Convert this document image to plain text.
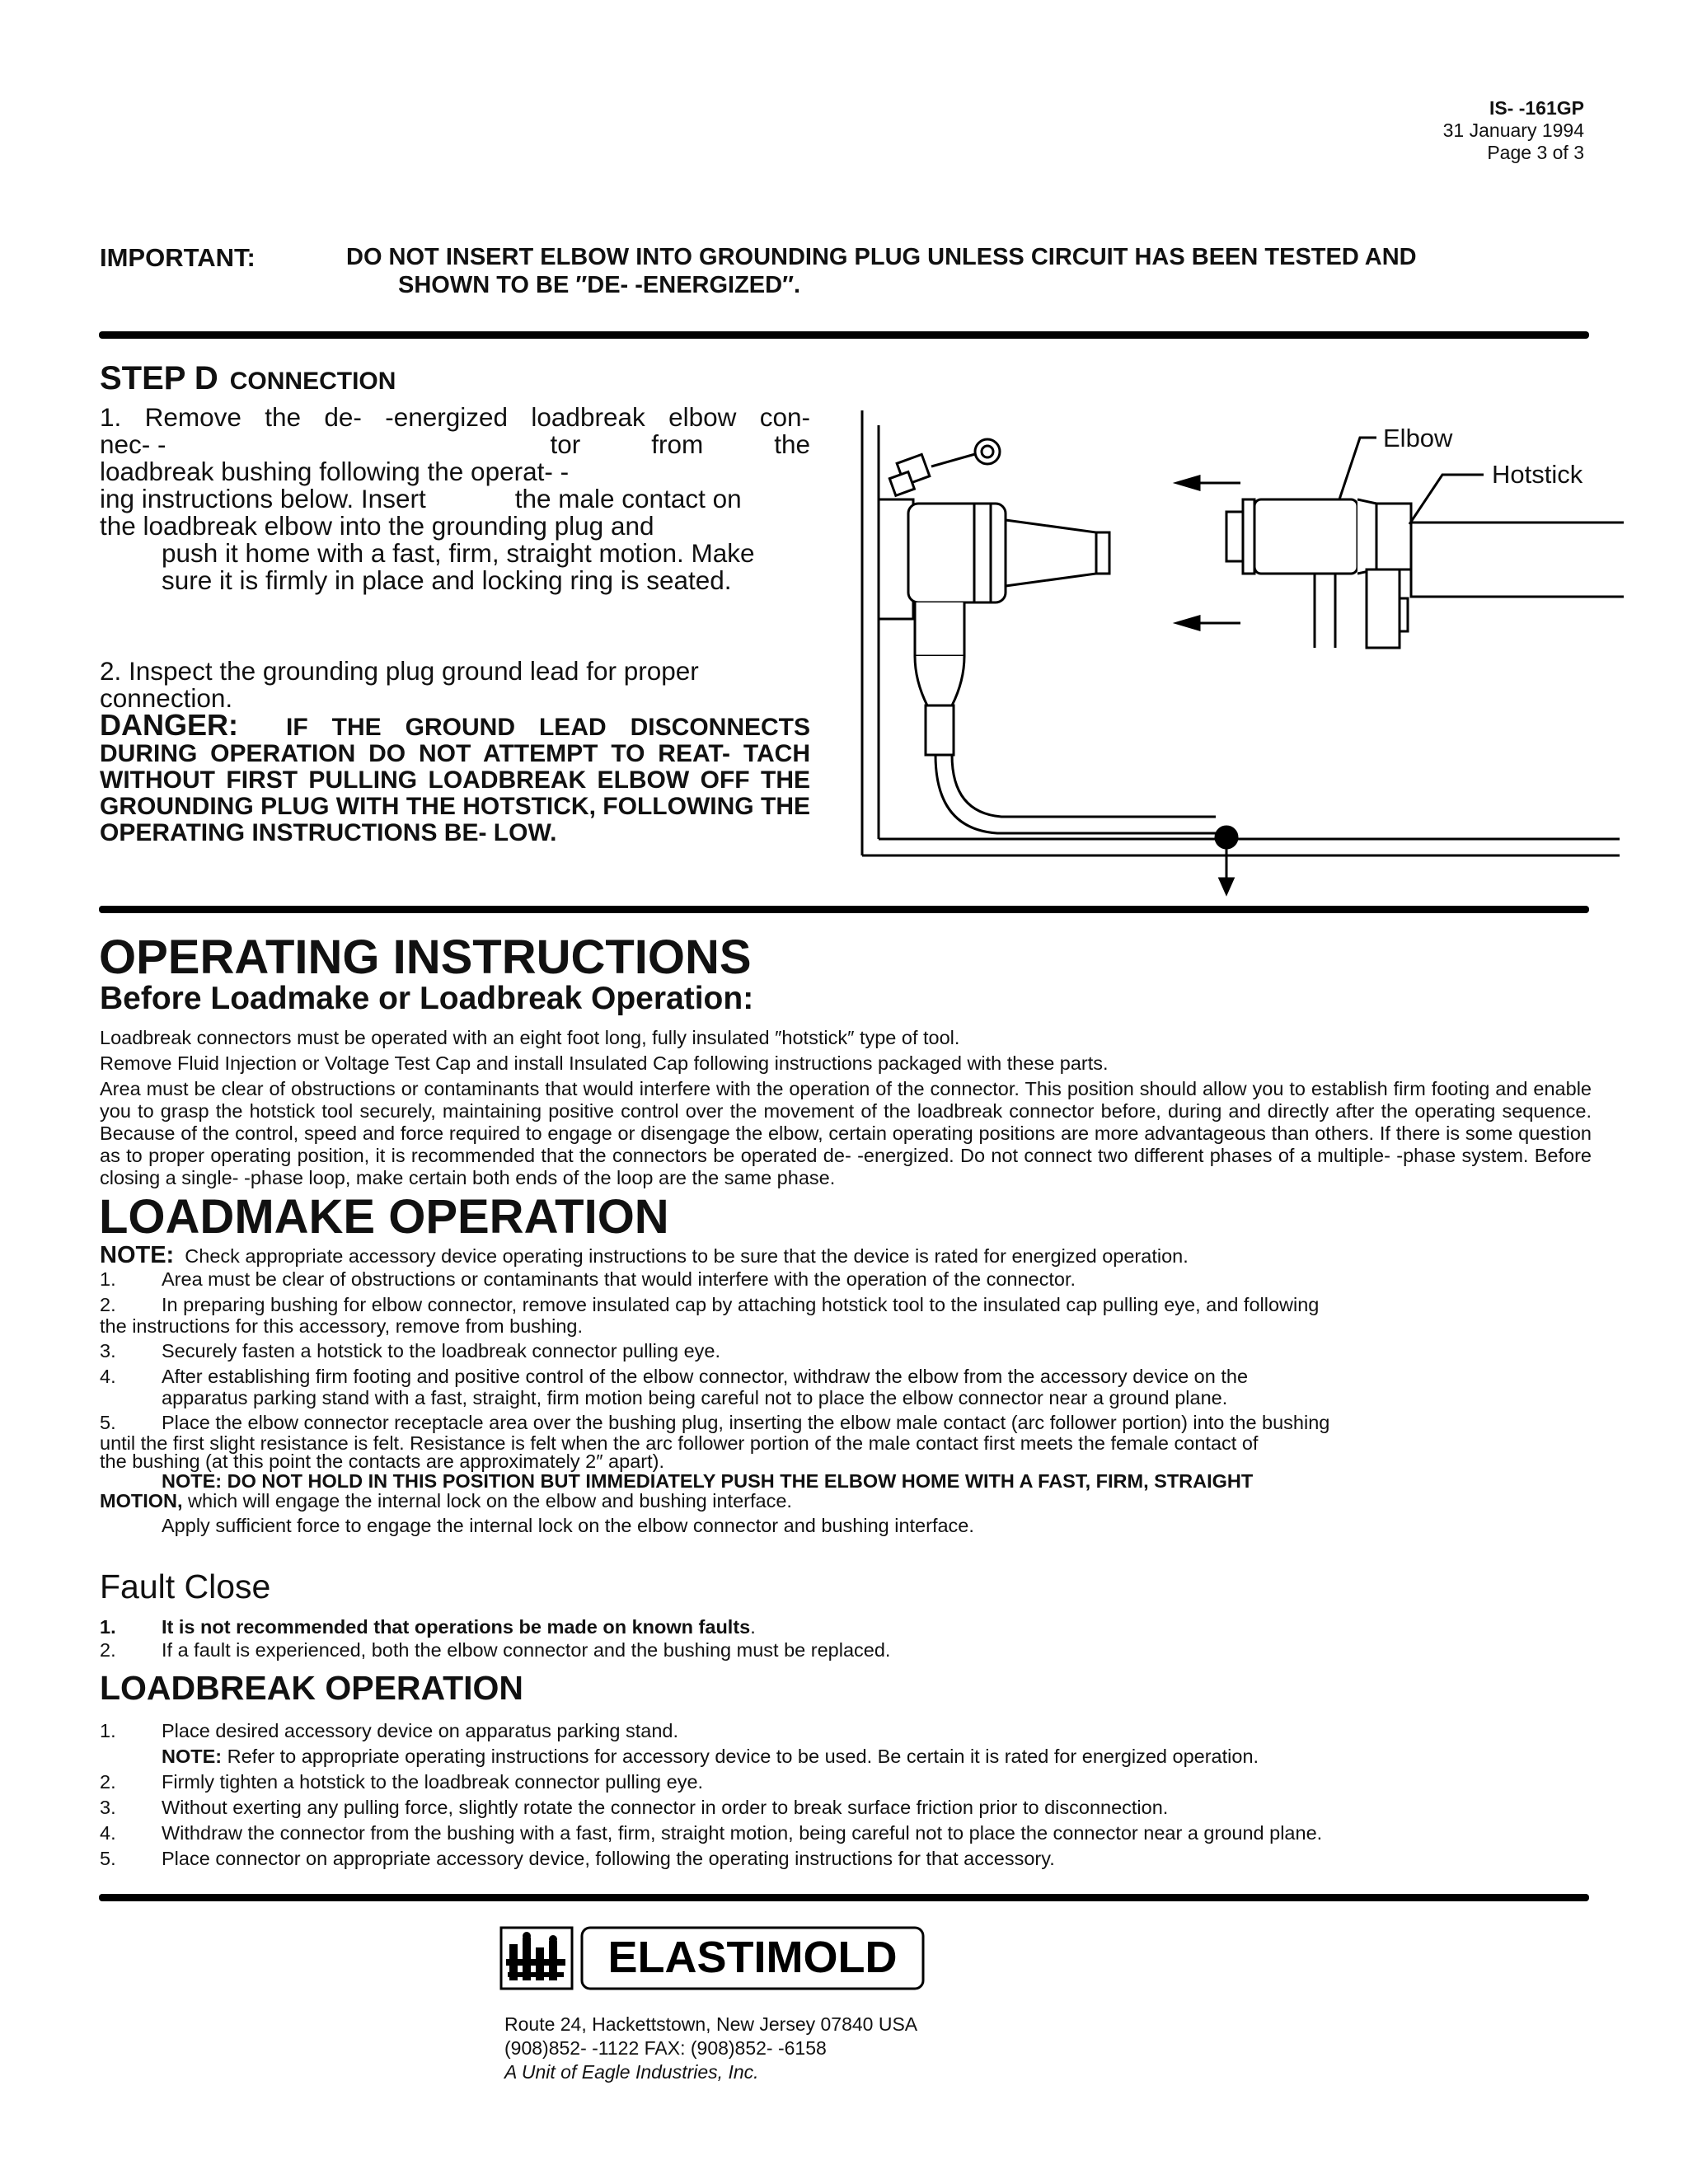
IS- -161GP
31 January 1994
Page 3 of 3
IMPORTANT:	DO NOT INSERT ELBOW INTO GROUNDING PLUG UNLESS CIRCUIT HAS BEEN TESTED AND
SHOWN TO BE ″DE- -ENERGIZED″.
STEP D CONNECTION

1. Remove the de- -energized loadbreak elbow con-

nec- -	tor	from	the

loadbreak bushing following the operat- -

ing instructions below. Insert	the male contact on

the loadbreak elbow into the grounding plug and

push it home with a fast, firm, straight motion. Make

sure it is firmly in place and locking ring is seated.

2. Inspect the grounding plug ground lead for proper

connection.

DANGER: IF THE GROUND LEAD DISCONNECTS DURING OPERATION DO NOT ATTEMPT TO REAT- TACH WITHOUT FIRST PULLING LOADBREAK ELBOW OFF THE GROUNDING PLUG WITH THE HOTSTICK, FOLLOWING THE OPERATING INSTRUCTIONS BE- LOW.

Elbow
Hotstick
OPERATING INSTRUCTIONS
Before Loadmake or Loadbreak Operation:

Loadbreak connectors must be operated with an eight foot long, fully insulated ″hotstick″ type of tool.

Remove Fluid Injection or Voltage Test Cap and install Insulated Cap following instructions packaged with these parts.

Area must be clear of obstructions or contaminants that would interfere with the operation of the connector. This position should allow you to establish firm footing and enable you to grasp the hotstick tool securely, maintaining positive control over the movement of the loadbreak connector before, during and directly after the operating sequence. Because of the control, speed and force required to engage or disengage the elbow, certain operating positions are more advantageous than others. If there is some question as to proper operating position, it is recommended that the connectors be operated de- -energized. Do not connect two different phases of a multiple- -phase system. Before closing a single- -phase loop, make certain both ends of the loop are the same phase.

LOADMAKE OPERATION

NOTE: Check appropriate accessory device operating instructions to be sure that the device is rated for energized operation.

1. Area must be clear of obstructions or contaminants that would interfere with the operation of the connector.

2. In preparing bushing for elbow connector, remove insulated cap by attaching hotstick tool to the insulated cap pulling eye, and following

the instructions for this accessory, remove from bushing.

3. Securely fasten a hotstick to the loadbreak connector pulling eye.

4. After establishing firm footing and positive control of the elbow connector, withdraw the elbow from the accessory device on the

apparatus parking stand with a fast, straight, firm motion being careful not to place the elbow connector near a ground plane.

5. Place the elbow connector receptacle area over the bushing plug, inserting the elbow male contact (arc follower portion) into the bushing

until the first slight resistance is felt. Resistance is felt when the arc follower portion of the male contact first meets the female contact of

the bushing (at this point the contacts are approximately 2″ apart).

NOTE: DO NOT HOLD IN THIS POSITION BUT IMMEDIATELY PUSH THE ELBOW HOME WITH A FAST, FIRM, STRAIGHT

MOTION, which will engage the internal lock on the elbow and bushing interface.

Apply sufficient force to engage the internal lock on the elbow connector and bushing interface.

Fault Close

1. It is not recommended that operations be made on known faults.

2. If a fault is experienced, both the elbow connector and the bushing must be replaced.

LOADBREAK OPERATION

1. Place desired accessory device on apparatus parking stand.

NOTE: Refer to appropriate operating instructions for accessory device to be used. Be certain it is rated for energized operation.

2. Firmly tighten a hotstick to the loadbreak connector pulling eye.

3. Without exerting any pulling force, slightly rotate the connector in order to break surface friction prior to disconnection.

4. Withdraw the connector from the bushing with a fast, firm, straight motion, being careful not to place the connector near a ground plane.

5. Place connector on appropriate accessory device, following the operating instructions for that accessory.

ELASTIMOLD
Route 24, Hackettstown, New Jersey 07840 USA
(908)852- -1122 FAX: (908)852- -6158
A Unit of Eagle Industries, Inc.
